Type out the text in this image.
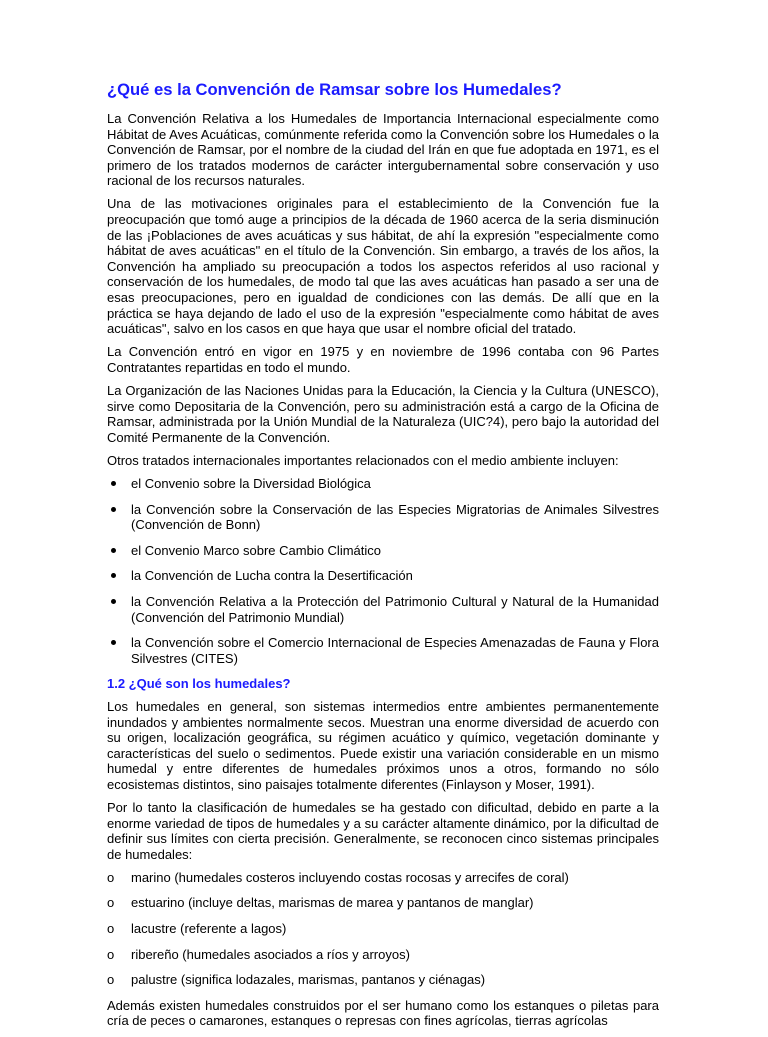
¿Qué es la Convención de Ramsar sobre los Humedales?

La Convención Relativa a los Humedales de Importancia Internacional especialmente como Hábitat de Aves Acuáticas, comúnmente referida como la Convención sobre los Humedales o la Convención de Ramsar, por el nombre de la ciudad del Irán en que fue adoptada en 1971, es el primero de los tratados modernos de carácter intergubernamental sobre conservación y uso racional de los recursos naturales.

Una de las motivaciones originales para el establecimiento de la Convención fue la preocupación que tomó auge a principios de la década de 1960 acerca de la seria disminución de las ¡Poblaciones de aves acuáticas y sus hábitat, de ahí la expresión "especialmente como hábitat de aves acuáticas" en el título de la Convención. Sin embargo, a través de los años, la Convención ha ampliado su preocupación a todos los aspectos referidos al uso racional y conservación de los humedales, de modo tal que las aves acuáticas han pasado a ser una de esas preocupaciones, pero en igualdad de condiciones con las demás. De allí que en la práctica se haya dejando de lado el uso de la expresión "especialmente como hábitat de aves acuáticas", salvo en los casos en que haya que usar el nombre oficial del tratado.

La Convención entró en vigor en 1975 y en noviembre de 1996 contaba con 96 Partes Contratantes repartidas en todo el mundo.

La Organización de las Naciones Unidas para la Educación, la Ciencia y la Cultura (UNESCO), sirve como Depositaria de la Convención, pero su administración está a cargo de la Oficina de Ramsar, administrada por la Unión Mundial de la Naturaleza (UIC?4), pero bajo la autoridad del Comité Permanente de la Convención.

Otros tratados internacionales importantes relacionados con el medio ambiente incluyen:

el Convenio sobre la Diversidad Biológica
la Convención sobre la Conservación de las Especies Migratorias de Animales Silvestres (Convención de Bonn)
el Convenio Marco sobre Cambio Climático
la Convención de Lucha contra la Desertificación
la Convención Relativa a la Protección del Patrimonio Cultural y Natural de la Humanidad (Convención del Patrimonio Mundial)
la Convención sobre el Comercio Internacional de Especies Amenazadas de Fauna y Flora Silvestres (CITES)
1.2 ¿Qué son los humedales?

Los humedales en general, son sistemas intermedios entre ambientes permanentemente inundados y ambientes normalmente secos. Muestran una enorme diversidad de acuerdo con su origen, localización geográfica, su régimen acuático y químico, vegetación dominante y características del suelo o sedimentos. Puede existir una variación considerable en un mismo humedal y entre diferentes de humedales próximos unos a otros, formando no sólo ecosistemas distintos, sino paisajes totalmente diferentes (Finlayson y Moser, 1991).

Por lo tanto la clasificación de humedales se ha gestado con dificultad, debido en parte a la enorme variedad de tipos de humedales y a su carácter altamente dinámico, por la dificultad de definir sus límites con cierta precisión. Generalmente, se reconocen cinco sistemas principales de humedales:

o marino (humedales costeros incluyendo costas rocosas y arrecifes de coral)
o estuarino (incluye deltas, marismas de marea y pantanos de manglar)
o lacustre (referente a lagos)
o ribereño (humedales asociados a ríos y arroyos)
o palustre (significa lodazales, marismas, pantanos y ciénagas)

Además existen humedales construidos por el ser humano como los estanques o piletas para cría de peces o camarones, estanques o represas con fines agrícolas, tierras agrícolas
